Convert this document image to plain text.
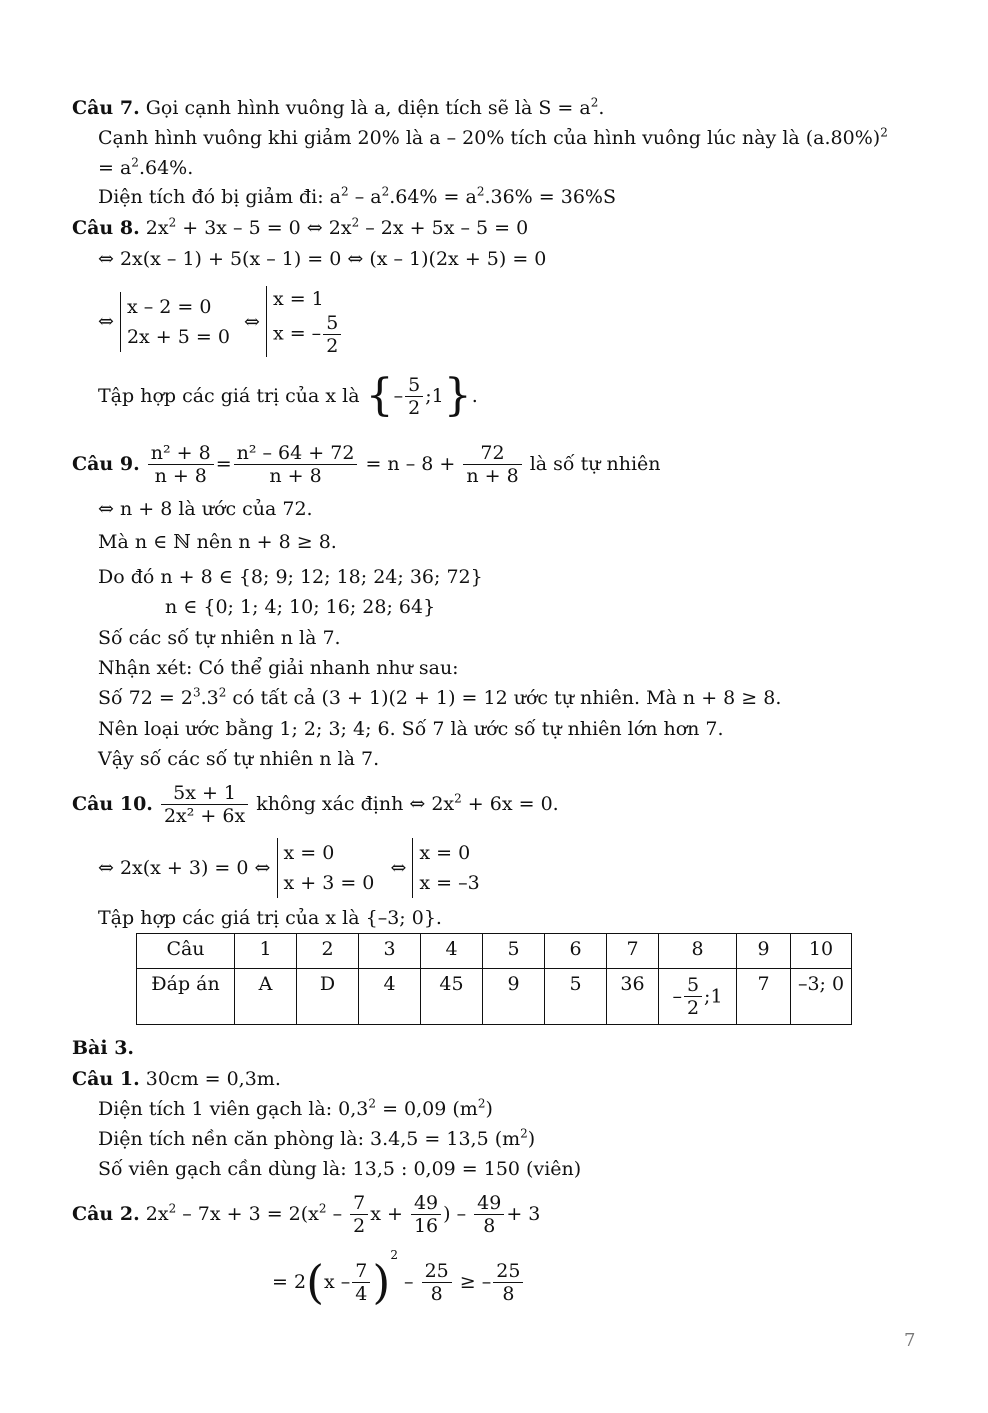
Câu 7. Gọi cạnh hình vuông là a, diện tích sẽ là $S = a^2$.
Cạnh hình vuông khi giảm 20% là a – 20% tích của hình vuông lúc này là $(a.80\%)^2$
= $a^2.64\%$.
Diện tích đó bị giảm đi: $a^2 - a^2.64\% = a^2.36\% = 36\%S$
Câu 8. $2x^2 + 3x - 5 = 0$ ⇔ $2x^2 - 2x + 5x - 5 = 0$
⇔ 2x(x – 1) + 5(x – 1) = 0 ⇔ (x – 1)(2x + 5) = 0
⇔
x – 2 = 0
2x + 5 = 0
⇔
x = 1
x = – $\frac{5}{2}$
Tập hợp các giá trị của x là {– $\frac{5}{2}$ ;1}.
Câu 9. $\frac{\text{n² + 8}}{n + 8} = \frac{\text{n² – 64 + 72}}{n + 8} = n - 8 + \frac{72}{n + 8}$ là số tự nhiên
⇔ n + 8 là ước của 72.
Mà n ∈ ℕ nên n + 8 ≥ 8.
Do đó n + 8 ∈ {8; 9; 12; 18; 24; 36; 72}
n ∈ {0; 1; 4; 10; 16; 28; 64}
Số các số tự nhiên n là 7.
Nhận xét: Có thể giải nhanh như sau:
Số $72 = 2^3.3^2$ có tất cả (3 + 1)(2 + 1) = 12 ước tự nhiên. Mà n + 8 ≥ 8.
Nên loại ước bằng 1; 2; 3; 4; 6. Số 7 là ước số tự nhiên lớn hơn 7.
Vậy số các số tự nhiên n là 7.
Câu 10. $\frac{5x + 1}{\text{2x² + 6x}}$ không xác định ⇔ $2x^2 + 6x = 0$.
⇔ 2x(x + 3) = 0 ⇔
x = 0
x + 3 = 0
⇔
x = 0
x = –3
Tập hợp các giá trị của x là {–3; 0}.
Câu	1	2	3	4	5	6	7	8	9	10
Đáp án	A	D	4	45	9	5	36	– $\frac{5}{2}$ ;1	7	–3; 0
Bài 3.
Câu 1. 30cm = 0,3m.
Diện tích 1 viên gạch là: $0,3^2 = 0,09$ $(m^2)$
Diện tích nền căn phòng là: 3.4,5 = 13,5 $(m^2)$
Số viên gạch cần dùng là: 13,5 : 0,09 = 150 (viên)
Câu 2. $2x^2 - 7x + 3 = 2(x^2 - \frac{7}{2}$ $x + \frac{49}{16}$ ) – $\frac{49}{8} + 3$
= $2(x - \frac{7}{4} )^2 - \frac{25}{8}$ ≥ – $\frac{25}{8}$
7
